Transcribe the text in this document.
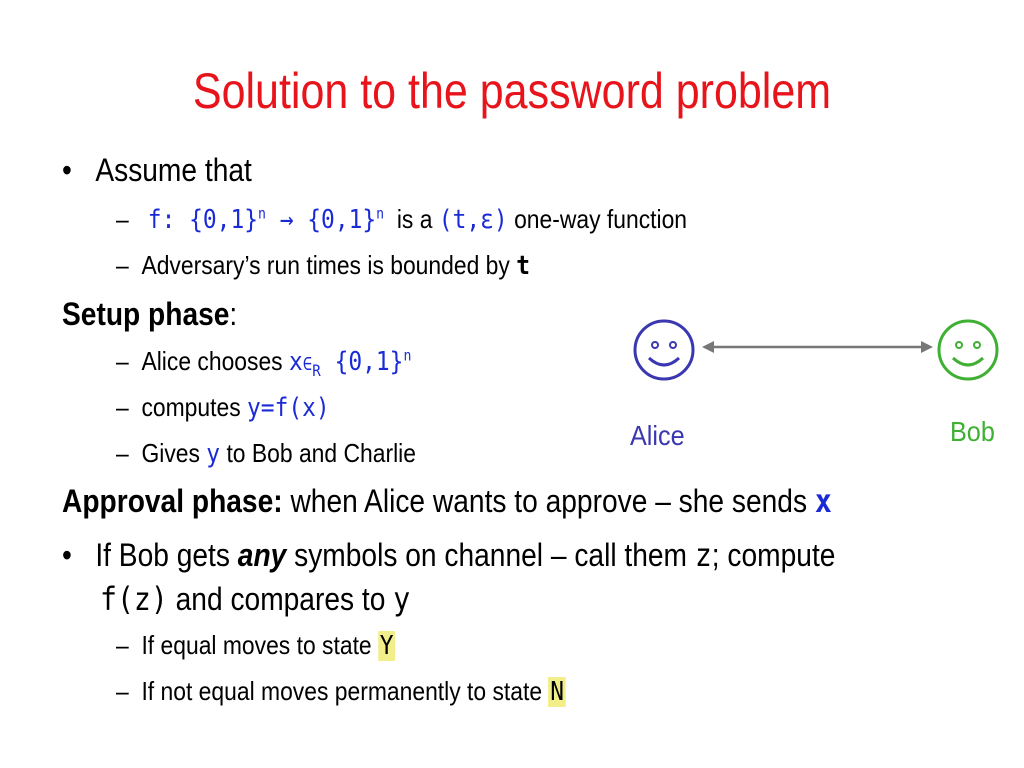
Solution to the password problem
• Assume that
– f: $\{0,1\}^n \to \{0,1\}^n$ is a (t,ε) one-way function
– Adversary’s run times is bounded by t
Setup phase:
– Alice chooses $x\in_R$ $\{0,1\}^n$
– computes y=f(x)
– Gives y to Bob and Charlie
Approval phase: when Alice wants to approve – she sends x
• If Bob gets any symbols on channel – call them z; compute
f(z) and compares to y
– If equal moves to state Y
– If not equal moves permanently to state N
Alice	Bob
